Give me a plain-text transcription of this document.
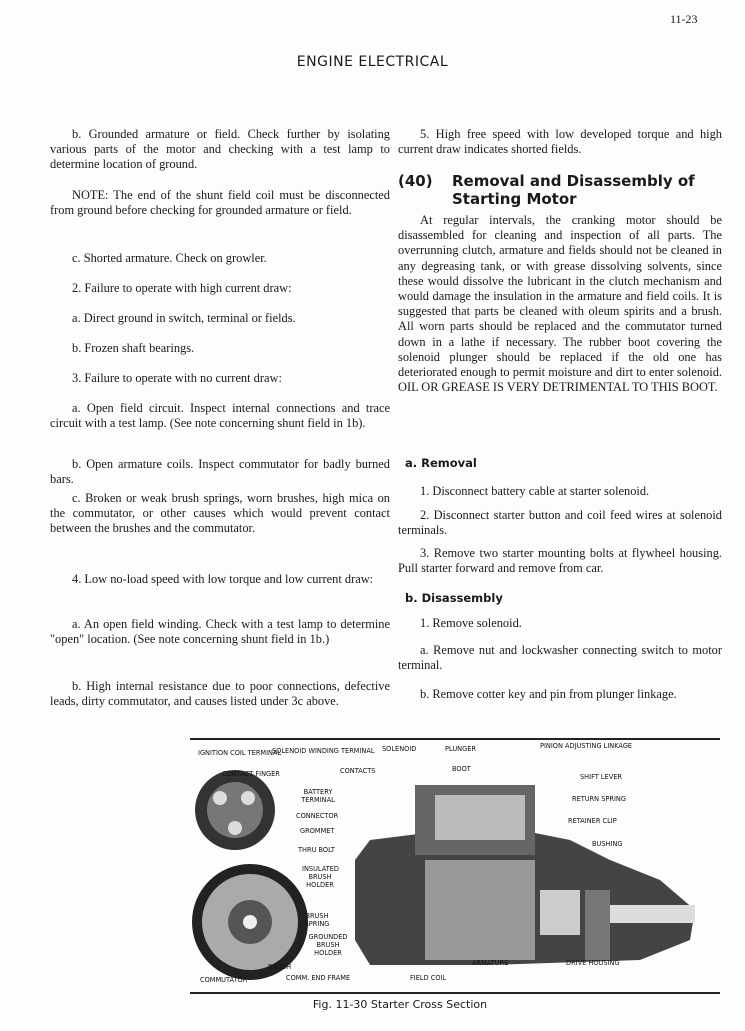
11-23
ENGINE ELECTRICAL
b. Grounded armature or field. Check further by isolating various parts of the motor and checking with a test lamp to determine location of ground.
NOTE: The end of the shunt field coil must be disconnected from ground before checking for grounded armature or field.
c. Shorted armature. Check on growler.
2. Failure to operate with high current draw:
a. Direct ground in switch, terminal or fields.
b. Frozen shaft bearings.
3. Failure to operate with no current draw:
a. Open field circuit. Inspect internal connections and trace circuit with a test lamp. (See note concerning shunt field in 1b).
b. Open armature coils. Inspect commutator for badly burned bars.
c. Broken or weak brush springs, worn brushes, high mica on the commutator, or other causes which would prevent contact between the brushes and the commutator.
4. Low no-load speed with low torque and low current draw:
a. An open field winding. Check with a test lamp to determine "open" location. (See note concerning shunt field in 1b.)
b. High internal resistance due to poor connections, defective leads, dirty commutator, and causes listed under 3c above.
5. High free speed with low developed torque and high current draw indicates shorted fields.
(40) Removal and Disassembly of
Starting Motor
At regular intervals, the cranking motor should be disassembled for cleaning and inspection of all parts. The overrunning clutch, armature and fields should not be cleaned in any degreasing tank, or with grease dissolving solvents, since these would dissolve the lubricant in the clutch mechanism and would damage the insulation in the armature and field coils. It is suggested that parts be cleaned with oleum spirits and a brush. All worn parts should be replaced and the commutator turned down in a lathe if necessary. The rubber boot covering the solenoid plunger should be replaced if the old one has deteriorated enough to permit moisture and dirt to enter solenoid. OIL OR GREASE IS VERY DETRIMENTAL TO THIS BOOT.
a. Removal
1. Disconnect battery cable at starter solenoid.
2. Disconnect starter button and coil feed wires at solenoid terminals.
3. Remove two starter mounting bolts at flywheel housing. Pull starter forward and remove from car.
b. Disassembly
1. Remove solenoid.
a. Remove nut and lockwasher connecting switch to motor terminal.
b. Remove cotter key and pin from plunger linkage.
IGNITION COIL TERMINAL
SOLENOID WINDING TERMINAL
CONTACT FINGER
SOLENOID	PLUNGER	PINION ADJUSTING LINKAGE
CONTACTS	BOOT
SHIFT LEVER
BATTERY TERMINAL	RETURN SPRING
CONNECTOR
RETAINER CLIP
GROMMET
BUSHING
THRU BOLT
INSULATED BRUSH HOLDER
BRUSH SPRING
GROUNDED BRUSH HOLDER
BRUSH	ARMATURE	DRIVE HOUSING
COMMUTATOR	COMM. END FRAME	FIELD COIL
Fig. 11-30 Starter Cross Section
